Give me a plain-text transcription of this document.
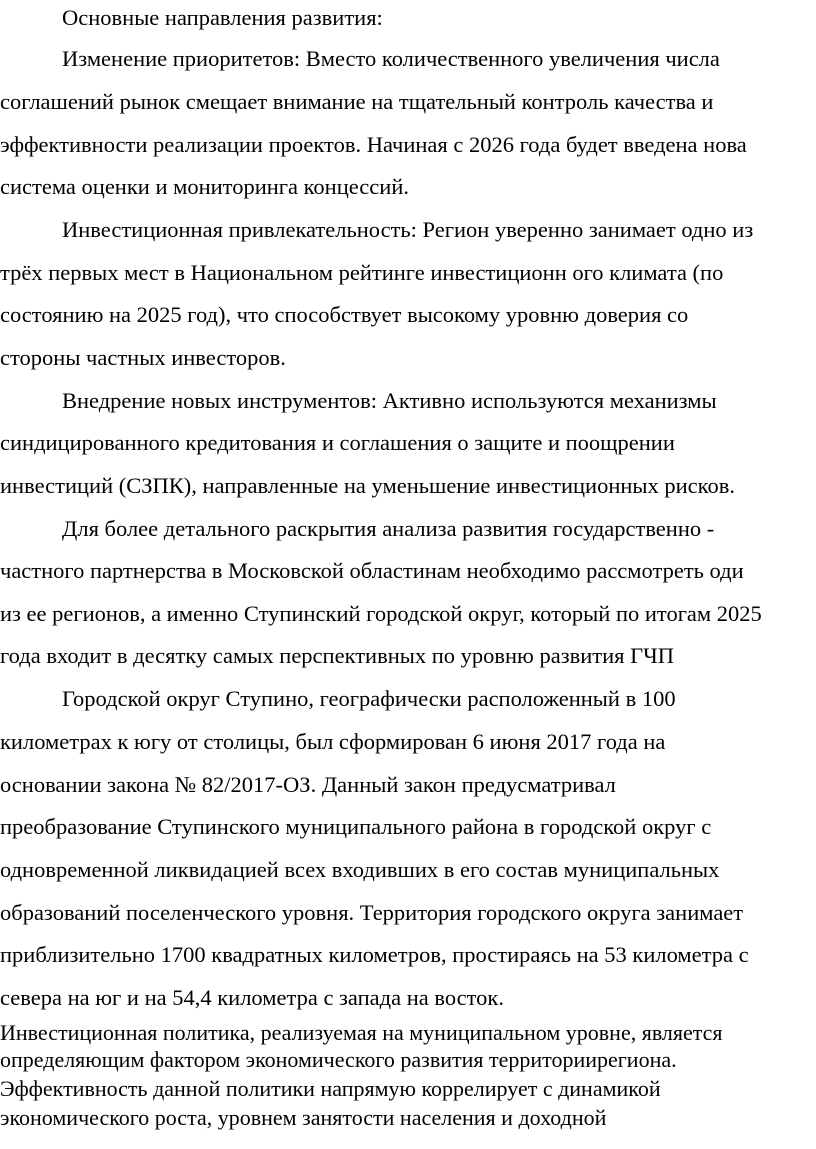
Основные направления развития:
Изменение приоритетов: Вместо количественного увеличения числа
соглашений рынок смещает внимание на тщательный контроль качества и
эффективности реализации проектов. Начиная с 2026 года будет введена нова
система оценки и мониторинга концессий.
Инвестиционная привлекательность: Регион уверенно занимает одно из
трёх первых мест в Национальном рейтинге инвестиционн ого климата (по
состоянию на 2025 год), что способствует высокому уровню доверия со
стороны частных инвесторов.
Внедрение новых инструментов: Активно используются механизмы
синдицированного кредитования и соглашения о защите и поощрении
инвестиций (СЗПК), направленные на уменьшение инвестиционных рисков.
Для более детального раскрытия анализа развития государственно -
частного партнерства в Московской областинам необходимо рассмотреть оди
из ее регионов, а именно Ступинский городской округ, который по итогам 2025
года входит в десятку самых перспективных по уровню развития ГЧП
Городской округ Ступино, географически расположенный в 100
километрах к югу от столицы, был сформирован 6 июня 2017 года на
основании закона № 82/2017-ОЗ. Данный закон предусматривал
преобразование Ступинского муниципального района в городской округ с
одновременной ликвидацией всех входивших в его состав муниципальных
образований поселенческого уровня. Территория городского округа занимает
приблизительно 1700 квадратных километров, простираясь на 53 километра с
севера на юг и на 54,4 километра с запада на восток.
Инвестиционная политика, реализуемая на муниципальном уровне, является
определяющим фактором экономического развития территориирегиона.
Эффективность данной политики напрямую коррелирует с динамикой
экономического роста, уровнем занятости населения и доходной
